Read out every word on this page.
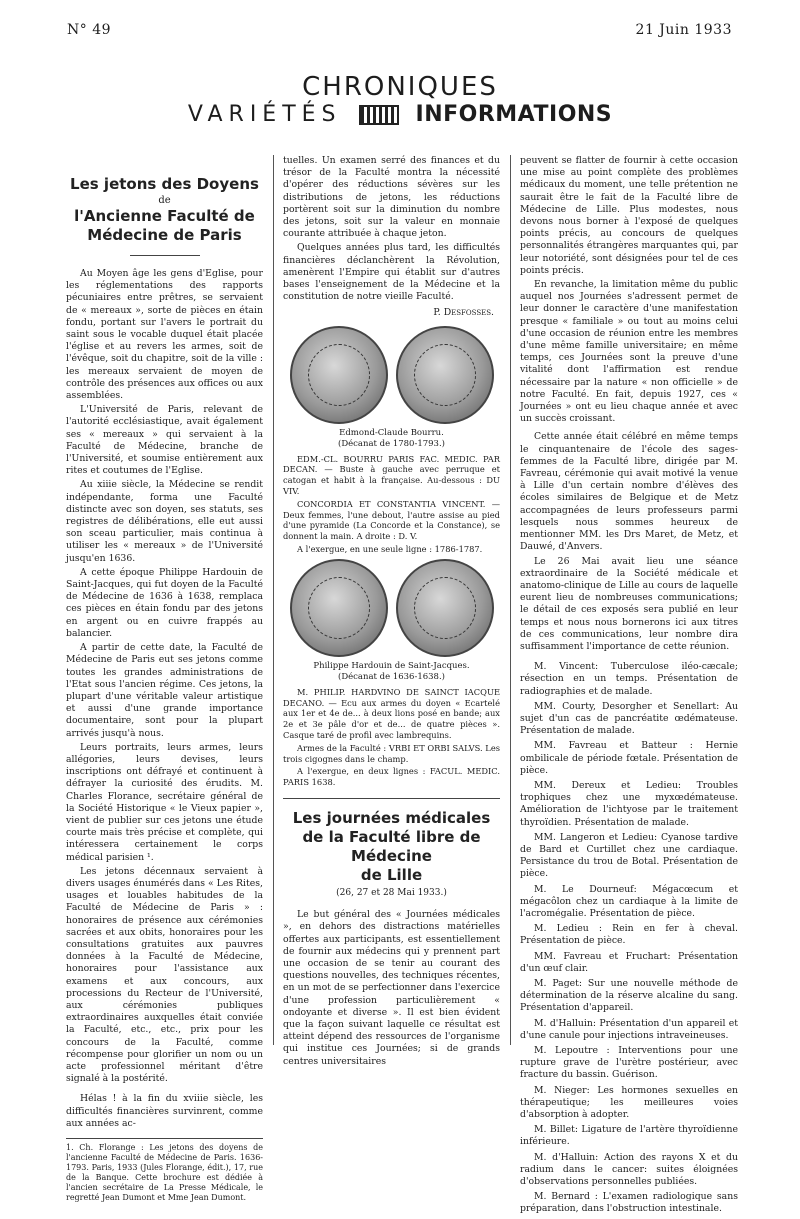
N° 49	21 Juin 1933
CHRONIQUES
VARIÉTÉS	INFORMATIONS
Les jetons des Doyens
de
l'Ancienne Faculté de Médecine de Paris

Au Moyen âge les gens d'Eglise, pour les réglementations des rapports pécuniaires entre prêtres, se servaient de « mereaux », sorte de pièces en étain fondu, portant sur l'avers le portrait du saint sous le vocable duquel était placée l'église et au revers les armes, soit de l'évêque, soit du chapitre, soit de la ville : les mereaux servaient de moyen de contrôle des présences aux offices ou aux assemblées.

L'Université de Paris, relevant de l'autorité ecclésiastique, avait également ses « mereaux » qui servaient à la Faculté de Médecine, branche de l'Université, et soumise entièrement aux rites et coutumes de l'Eglise.

Au xiiie siècle, la Médecine se rendit indépendante, forma une Faculté distincte avec son doyen, ses statuts, ses registres de délibérations, elle eut aussi son sceau particulier, mais continua à utiliser les « mereaux » de l'Université jusqu'en 1636.

A cette époque Philippe Hardouin de Saint-Jacques, qui fut doyen de la Faculté de Médecine de 1636 à 1638, remplaca ces pièces en étain fondu par des jetons en argent ou en cuivre frappés au balancier.

A partir de cette date, la Faculté de Médecine de Paris eut ses jetons comme toutes les grandes administrations de l'Etat sous l'ancien régime. Ces jetons, la plupart d'une véritable valeur artistique et aussi d'une grande importance documentaire, sont pour la plupart arrivés jusqu'à nous.

Leurs portraits, leurs armes, leurs allégories, leurs devises, leurs inscriptions ont défrayé et continuent à défrayer la curiosité des érudits. M. Charles Florance, secrétaire général de la Société Historique « le Vieux papier », vient de publier sur ces jetons une étude courte mais très précise et complète, qui intéressera certainement le corps médical parisien ¹.

Les jetons décennaux servaient à divers usages énumérés dans « Les Rites, usages et louables habitudes de la Faculté de Médecine de Paris » : honoraires de présence aux cérémonies sacrées et aux obits, honoraires pour les consultations gratuites aux pauvres données à la Faculté de Médecine, honoraires pour l'assistance aux examens et aux concours, aux processions du Recteur de l'Université, aux cérémonies publiques extraordinaires auxquelles était conviée la Faculté, etc., etc., prix pour les concours de la Faculté, comme récompense pour glorifier un nom ou un acte professionnel méritant d'être signalé à la postérité.

Hélas ! à la fin du xviiie siècle, les difficultés financières survinrent, comme aux années ac-

1. Ch. Florange : Les jetons des doyens de l'ancienne Faculté de Médecine de Paris. 1636-1793. Paris, 1933 (Jules Florange, édit.), 17, rue de la Banque. Cette brochure est dédiée à l'ancien secrétaire de La Presse Médicale, le regretté Jean Dumont et Mme Jean Dumont.

tuelles. Un examen serré des finances et du trésor de la Faculté montra la nécessité d'opérer des réductions sévères sur les distributions de jetons, les réductions portèrent soit sur la diminution du nombre des jetons, soit sur la valeur en monnaie courante attribuée à chaque jeton.

Quelques années plus tard, les difficultés financières déclanchèrent la Révolution, amenèrent l'Empire qui établit sur d'autres bases l'enseignement de la Médecine et la constitution de notre vieille Faculté.

P. Desfosses.
Edmond-Claude Bourru.
(Décanat de 1780-1793.)

EDM.-CL. BOURRU PARIS FAC. MEDIC. PAR DECAN. — Buste à gauche avec perruque et catogan et habit à la française. Au-dessous : DU VIV.

CONCORDIA ET CONSTANTIA VINCENT. — Deux femmes, l'une debout, l'autre assise au pied d'une pyramide (La Concorde et la Constance), se donnent la main. A droite : D. V.

A l'exergue, en une seule ligne : 1786-1787.

Philippe Hardouin de Saint-Jacques.
(Décanat de 1636-1638.)

M. PHILIP. HARDVINO DE SAINCT IACQUE DECANO. — Ecu aux armes du doyen « Ecartelé aux 1er et 4e de... à deux lions posé en bande; aux 2e et 3e pâle d'or et de... de quatre pièces ». Casque taré de profil avec lambrequins.

Armes de la Faculté : VRBI ET ORBI SALVS. Les trois cigognes dans le champ.

A l'exergue, en deux lignes : FACUL. MEDIC. PARIS 1638.

Les journées médicales
de la Faculté libre de Médecine
de Lille
(26, 27 et 28 Mai 1933.)

Le but général des « Journées médicales », en dehors des distractions matérielles offertes aux participants, est essentiellement de fournir aux médecins qui y prennent part une occasion de se tenir au courant des questions nouvelles, des techniques récentes, en un mot de se perfectionner dans l'exercice d'une profession particulièrement « ondoyante et diverse ». Il est bien évident que la façon suivant laquelle ce résultat est atteint dépend des ressources de l'organisme qui institue ces Journées; si de grands centres universitaires

peuvent se flatter de fournir à cette occasion une mise au point complète des problèmes médicaux du moment, une telle prétention ne saurait être le fait de la Faculté libre de Médecine de Lille. Plus modestes, nous devons nous borner à l'exposé de quelques points précis, au concours de quelques personnalités étrangères marquantes qui, par leur notoriété, sont désignées pour tel de ces points précis.

En revanche, la limitation même du public auquel nos Journées s'adressent permet de leur donner le caractère d'une manifestation presque « familiale » ou tout au moins celui d'une occasion de réunion entre les membres d'une même famille universitaire; en même temps, ces Journées sont la preuve d'une vitalité dont l'affirmation est rendue nécessaire par la nature « non officielle » de notre Faculté. En fait, depuis 1927, ces « Journées » ont eu lieu chaque année et avec un succès croissant.

Cette année était célébré en même temps le cinquantenaire de l'école des sages-femmes de la Faculté libre, dirigée par M. Favreau, cérémonie qui avait motivé la venue à Lille d'un certain nombre d'élèves des écoles similaires de Belgique et de Metz accompagnées de leurs professeurs parmi lesquels nous sommes heureux de mentionner MM. les Drs Maret, de Metz, et Dauwé, d'Anvers.

Le 26 Mai avait lieu une séance extraordinaire de la Société médicale et anatomo-clinique de Lille au cours de laquelle eurent lieu de nombreuses communications; le détail de ces exposés sera publié en leur temps et nous nous bornerons ici aux titres de ces communications, leur nombre dira suffisamment l'importance de cette réunion.

M. Vincent: Tuberculose iléo-cæcale; résection en un temps. Présentation de radiographies et de malade.

MM. Courty, Desorgher et Senellart: Au sujet d'un cas de pancréatite œdémateuse. Présentation de malade.

MM. Favreau et Batteur : Hernie ombilicale de période fœtale. Présentation de pièce.

MM. Dereux et Ledieu: Troubles trophiques chez une myxœdémateuse. Amélioration de l'ichtyose par le traitement thyroïdien. Présentation de malade.

MM. Langeron et Ledieu: Cyanose tardive de Bard et Curtillet chez une cardiaque. Persistance du trou de Botal. Présentation de pièce.

M. Le Dourneuf: Mégacœcum et mégacôlon chez un cardiaque à la limite de l'acromégalie. Présentation de pièce.

M. Ledieu : Rein en fer à cheval. Présentation de pièce.

MM. Favreau et Fruchart: Présentation d'un œuf clair.

M. Paget: Sur une nouvelle méthode de détermination de la réserve alcaline du sang. Présentation d'appareil.

M. d'Halluin: Présentation d'un appareil et d'une canule pour injections intraveineuses.

M. Lepoutre : Interventions pour une rupture grave de l'urètre postérieur, avec fracture du bassin. Guérison.

M. Nieger: Les hormones sexuelles en thérapeutique; les meilleures voies d'absorption à adopter.

M. Billet: Ligature de l'artère thyroïdienne inférieure.

M. d'Halluin: Action des rayons X et du radium dans le cancer: suites éloignées d'observations personnelles publiées.

M. Bernard : L'examen radiologique sans préparation, dans l'obstruction intestinale.
